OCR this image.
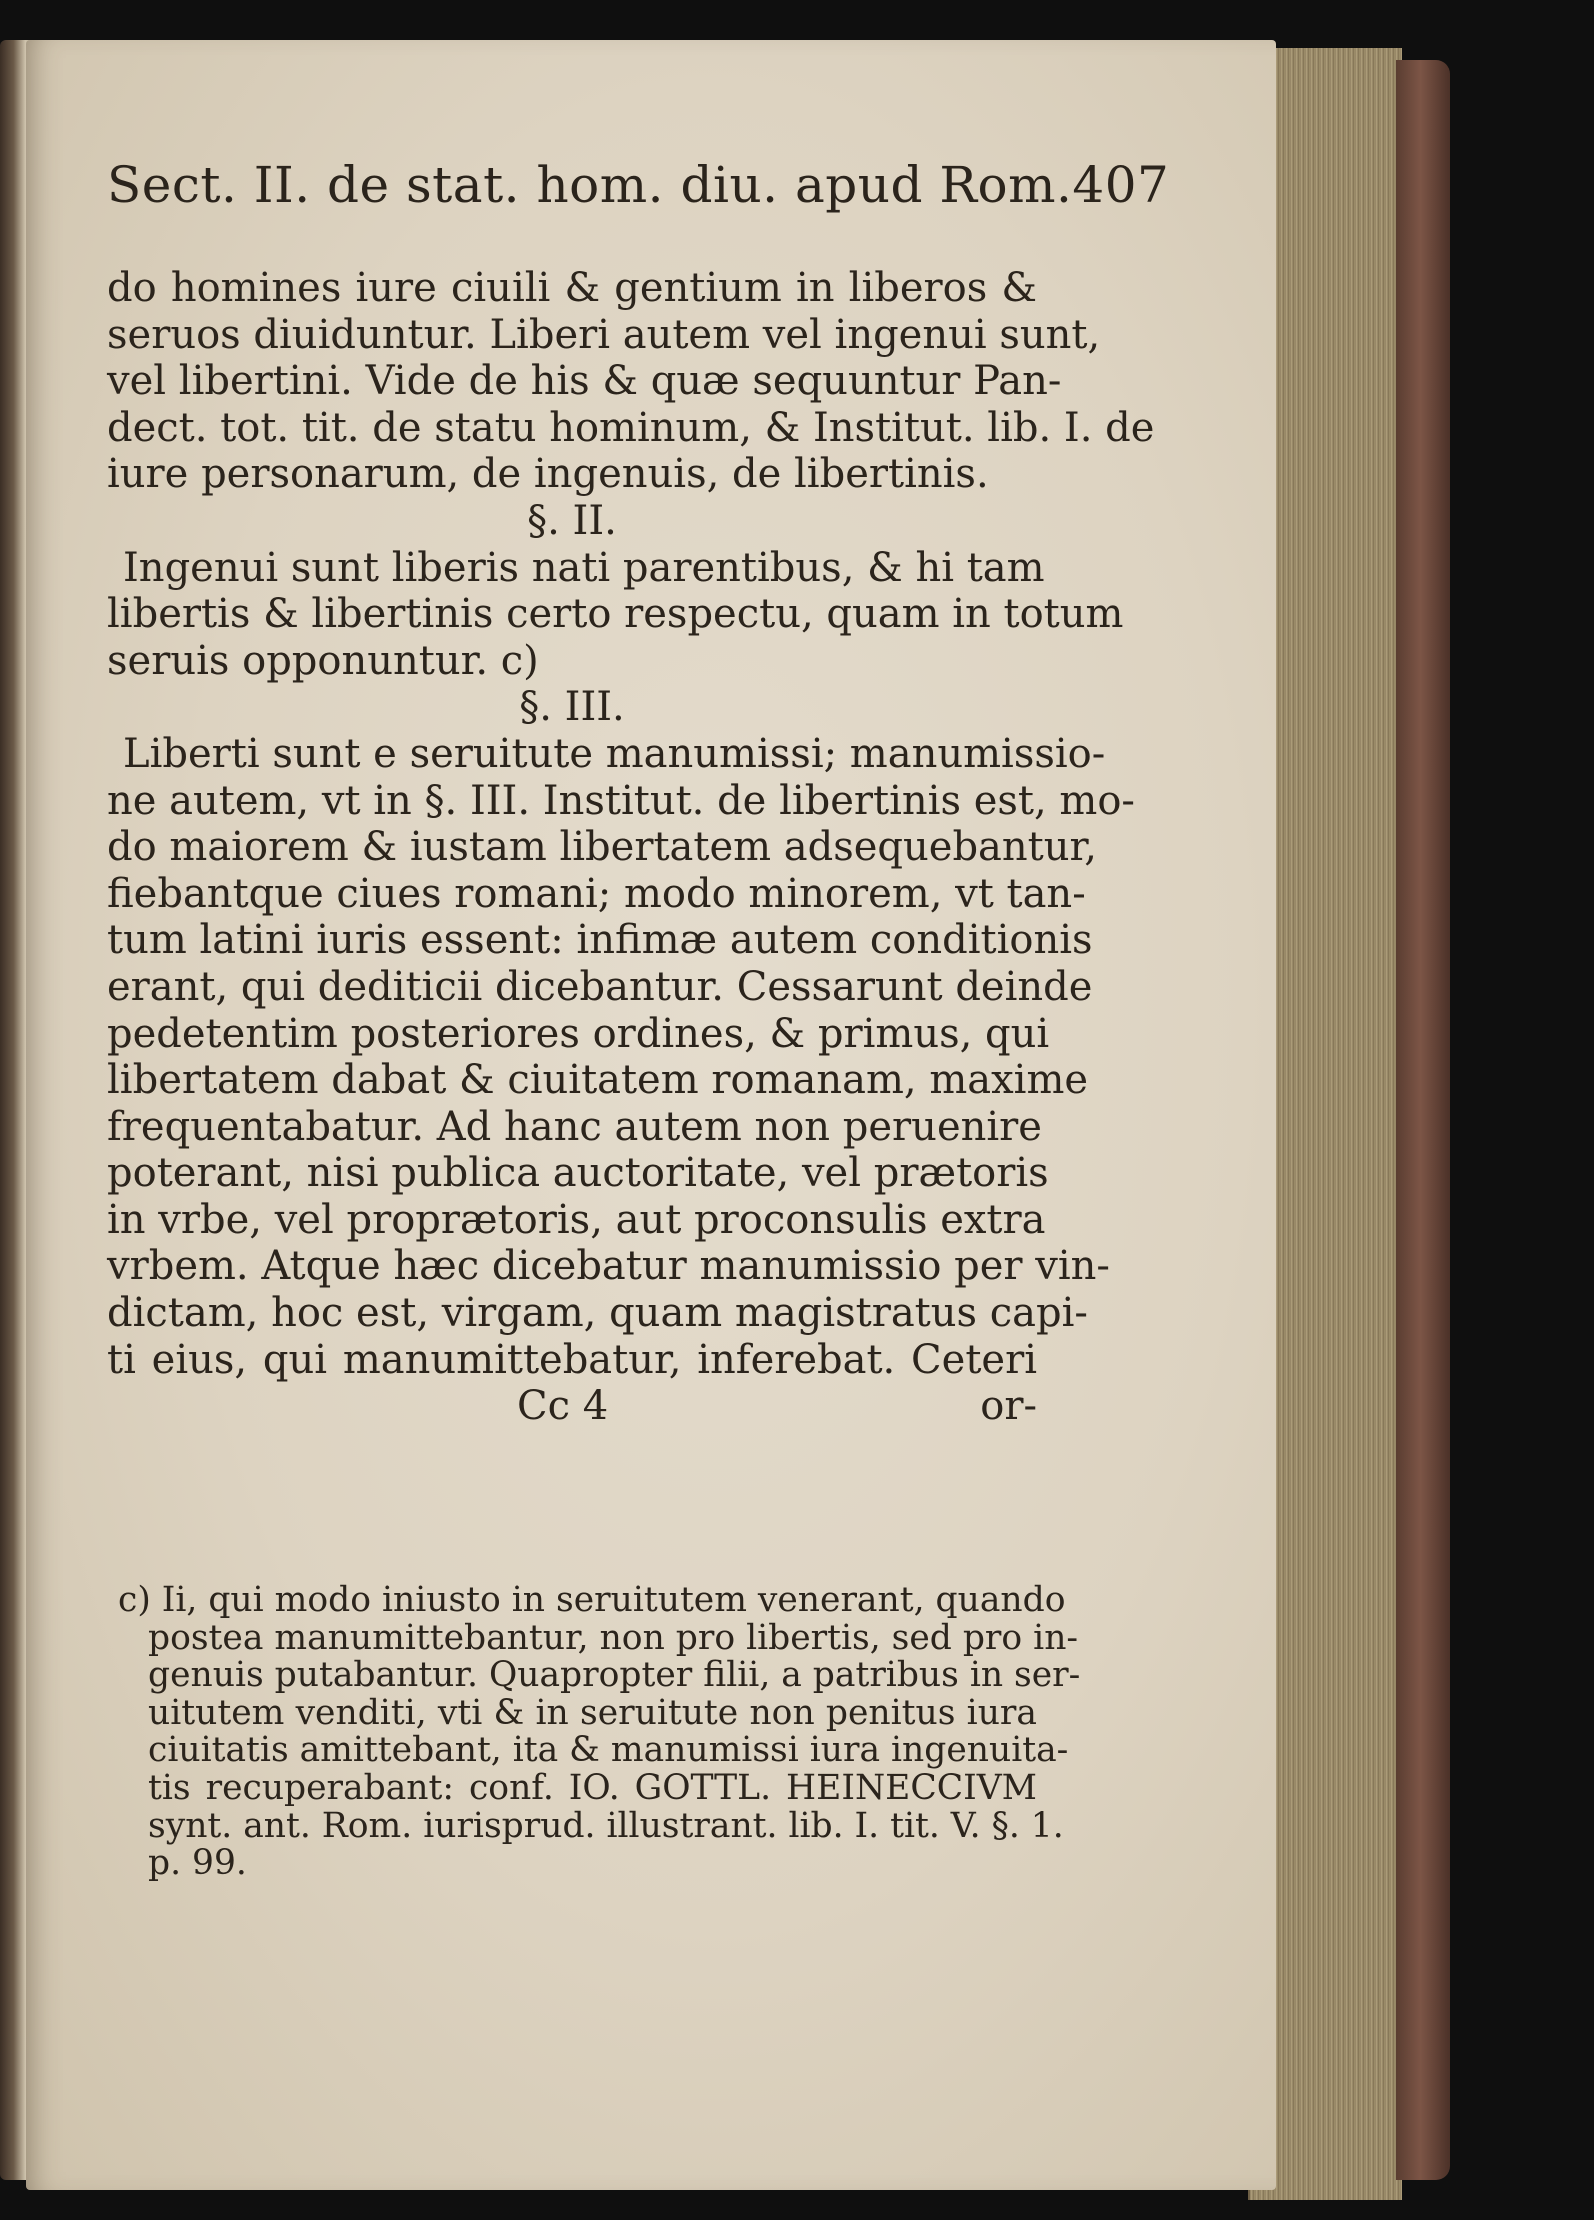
Sect. II. de stat. hom. diu. apud Rom. 407
do homines iure ciuili & gentium in liberos &
seruos diuiduntur. Liberi autem vel ingenui sunt,
vel libertini. Vide de his & quæ sequuntur Pan-
dect. tot. tit. de statu hominum, & Institut. lib. I. de
iure personarum, de ingenuis, de libertinis.
§. II.
Ingenui sunt liberis nati parentibus, & hi tam
libertis & libertinis certo respectu, quam in totum
seruis opponuntur. c)
§. III.
Liberti sunt e seruitute manumissi; manumissio-
ne autem, vt in §. III. Institut. de libertinis est, mo-
do maiorem & iustam libertatem adsequebantur,
fiebantque ciues romani; modo minorem, vt tan-
tum latini iuris essent: infimæ autem conditionis
erant, qui dediticii dicebantur. Cessarunt deinde
pedetentim posteriores ordines, & primus, qui
libertatem dabat & ciuitatem romanam, maxime
frequentabatur. Ad hanc autem non peruenire
poterant, nisi publica auctoritate, vel prætoris
in vrbe, vel proprætoris, aut proconsulis extra
vrbem. Atque hæc dicebatur manumissio per vin-
dictam, hoc est, virgam, quam magistratus capi-
ti eius, qui manumittebatur, inferebat. Ceteri
Cc 4	or-
c) Ii, qui modo iniusto in seruitutem venerant, quando
postea manumittebantur, non pro libertis, sed pro in-
genuis putabantur. Quapropter filii, a patribus in ser-
uitutem venditi, vti & in seruitute non penitus iura
ciuitatis amittebant, ita & manumissi iura ingenuita-
tis recuperabant: conf. IO. GOTTL. HEINECCIVM
synt. ant. Rom. iurisprud. illustrant. lib. I. tit. V. §. 1.
p. 99.
